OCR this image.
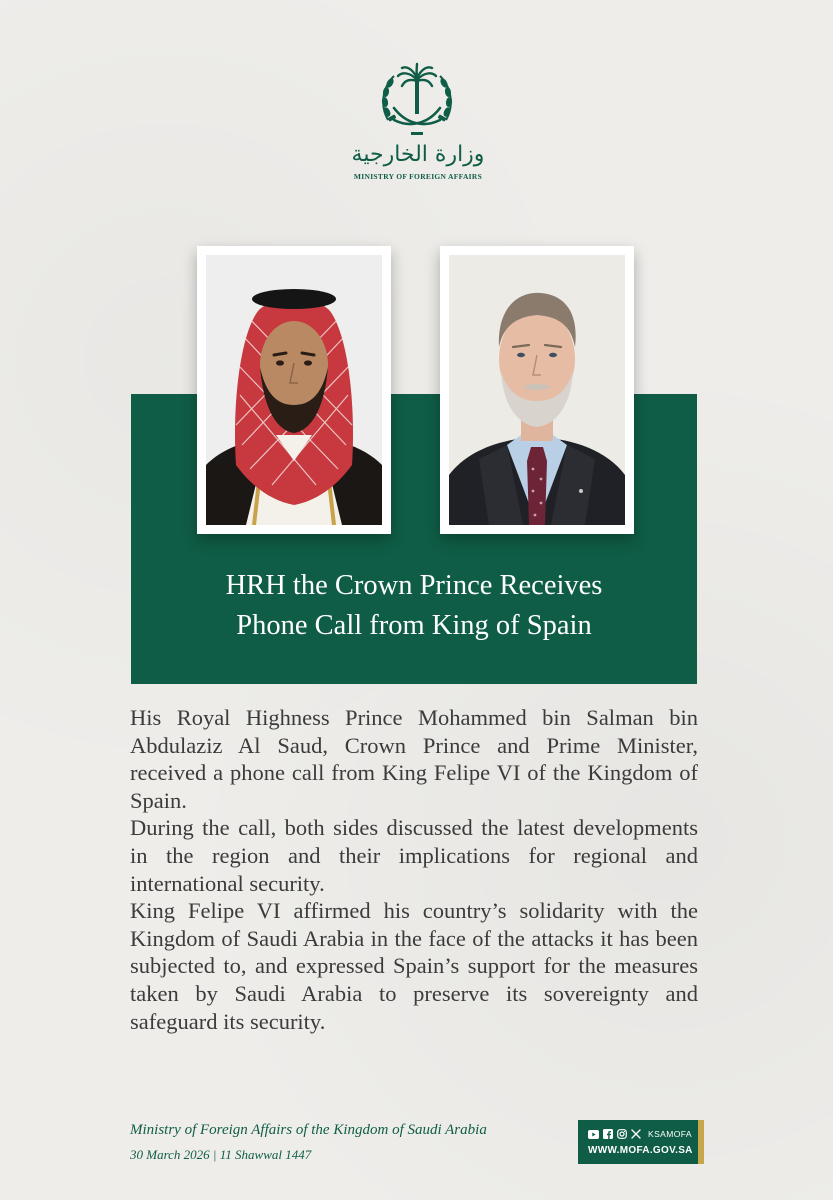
وزارة الخارجية
MINISTRY OF FOREIGN AFFAIRS
HRH the Crown Prince Receives
Phone Call from King of Spain

His Royal Highness Prince Mohammed bin Salman bin Abdulaziz Al Saud, Crown Prince and Prime Minister, received a phone call from King Felipe VI of the Kingdom of Spain.

During the call, both sides discussed the latest developments in the region and their implications for regional and international security.

King Felipe VI affirmed his country’s solidarity with the Kingdom of Saudi Arabia in the face of the attacks it has been subjected to, and expressed Spain’s support for the measures taken by Saudi Arabia to preserve its sovereignty and safeguard its security.

Ministry of Foreign Affairs of the Kingdom of Saudi Arabia
30 March 2026 | 11 Shawwal 1447
KSAMOFA
WWW.MOFA.GOV.SA
